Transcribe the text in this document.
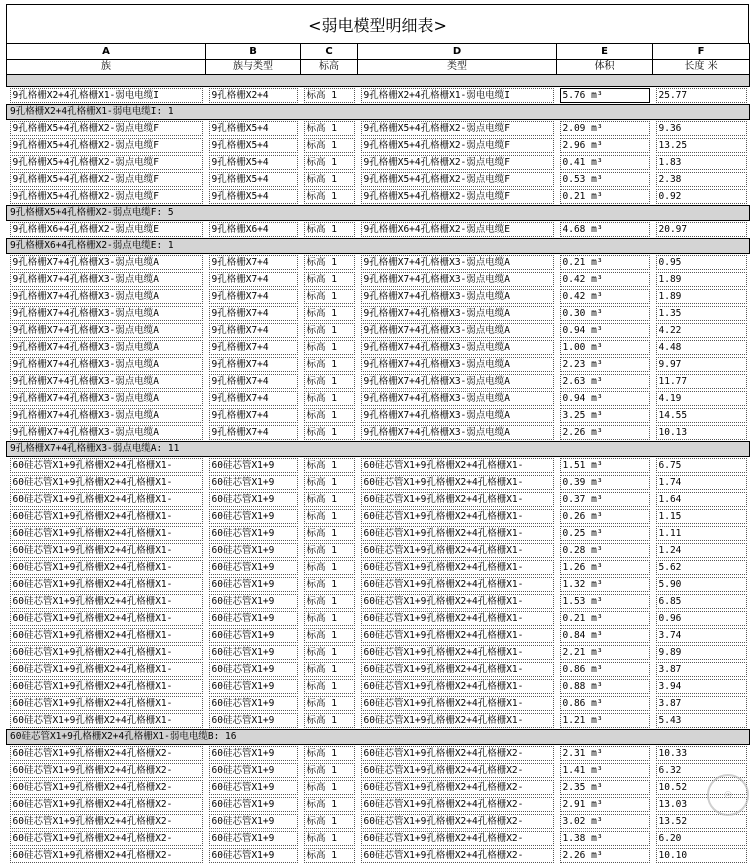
<弱电模型明细表>
A	B	C	D	E	F
族	族与类型	标高	类型	体积	长度 米

9孔格栅X2+4孔格栅X1-弱电电缆I	9孔格栅X2+4	标高 1	9孔格栅X2+4孔格栅X1-弱电电缆I	5.76 m³	25.77

9孔格栅X2+4孔格栅X1-弱电电缆I: 1					

9孔格栅X5+4孔格栅X2-弱点电缆F	9孔格栅X5+4	标高 1	9孔格栅X5+4孔格栅X2-弱点电缆F	2.09 m³	9.36

9孔格栅X5+4孔格栅X2-弱点电缆F	9孔格栅X5+4	标高 1	9孔格栅X5+4孔格栅X2-弱点电缆F	2.96 m³	13.25

9孔格栅X5+4孔格栅X2-弱点电缆F	9孔格栅X5+4	标高 1	9孔格栅X5+4孔格栅X2-弱点电缆F	0.41 m³	1.83

9孔格栅X5+4孔格栅X2-弱点电缆F	9孔格栅X5+4	标高 1	9孔格栅X5+4孔格栅X2-弱点电缆F	0.53 m³	2.38

9孔格栅X5+4孔格栅X2-弱点电缆F	9孔格栅X5+4	标高 1	9孔格栅X5+4孔格栅X2-弱点电缆F	0.21 m³	0.92

9孔格栅X5+4孔格栅X2-弱点电缆F: 5					

9孔格栅X6+4孔格栅X2-弱点电缆E	9孔格栅X6+4	标高 1	9孔格栅X6+4孔格栅X2-弱点电缆E	4.68 m³	20.97

9孔格栅X6+4孔格栅X2-弱点电缆E: 1					

9孔格栅X7+4孔格栅X3-弱点电缆A	9孔格栅X7+4	标高 1	9孔格栅X7+4孔格栅X3-弱点电缆A	0.21 m³	0.95

9孔格栅X7+4孔格栅X3-弱点电缆A	9孔格栅X7+4	标高 1	9孔格栅X7+4孔格栅X3-弱点电缆A	0.42 m³	1.89

9孔格栅X7+4孔格栅X3-弱点电缆A	9孔格栅X7+4	标高 1	9孔格栅X7+4孔格栅X3-弱点电缆A	0.42 m³	1.89

9孔格栅X7+4孔格栅X3-弱点电缆A	9孔格栅X7+4	标高 1	9孔格栅X7+4孔格栅X3-弱点电缆A	0.30 m³	1.35

9孔格栅X7+4孔格栅X3-弱点电缆A	9孔格栅X7+4	标高 1	9孔格栅X7+4孔格栅X3-弱点电缆A	0.94 m³	4.22

9孔格栅X7+4孔格栅X3-弱点电缆A	9孔格栅X7+4	标高 1	9孔格栅X7+4孔格栅X3-弱点电缆A	1.00 m³	4.48

9孔格栅X7+4孔格栅X3-弱点电缆A	9孔格栅X7+4	标高 1	9孔格栅X7+4孔格栅X3-弱点电缆A	2.23 m³	9.97

9孔格栅X7+4孔格栅X3-弱点电缆A	9孔格栅X7+4	标高 1	9孔格栅X7+4孔格栅X3-弱点电缆A	2.63 m³	11.77

9孔格栅X7+4孔格栅X3-弱点电缆A	9孔格栅X7+4	标高 1	9孔格栅X7+4孔格栅X3-弱点电缆A	0.94 m³	4.19

9孔格栅X7+4孔格栅X3-弱点电缆A	9孔格栅X7+4	标高 1	9孔格栅X7+4孔格栅X3-弱点电缆A	3.25 m³	14.55

9孔格栅X7+4孔格栅X3-弱点电缆A	9孔格栅X7+4	标高 1	9孔格栅X7+4孔格栅X3-弱点电缆A	2.26 m³	10.13

9孔格栅X7+4孔格栅X3-弱点电缆A: 11					

60硅芯管X1+9孔格栅X2+4孔格栅X1-	60硅芯管X1+9	标高 1	60硅芯管X1+9孔格栅X2+4孔格栅X1-	1.51 m³	6.75

60硅芯管X1+9孔格栅X2+4孔格栅X1-	60硅芯管X1+9	标高 1	60硅芯管X1+9孔格栅X2+4孔格栅X1-	0.39 m³	1.74

60硅芯管X1+9孔格栅X2+4孔格栅X1-	60硅芯管X1+9	标高 1	60硅芯管X1+9孔格栅X2+4孔格栅X1-	0.37 m³	1.64

60硅芯管X1+9孔格栅X2+4孔格栅X1-	60硅芯管X1+9	标高 1	60硅芯管X1+9孔格栅X2+4孔格栅X1-	0.26 m³	1.15

60硅芯管X1+9孔格栅X2+4孔格栅X1-	60硅芯管X1+9	标高 1	60硅芯管X1+9孔格栅X2+4孔格栅X1-	0.25 m³	1.11

60硅芯管X1+9孔格栅X2+4孔格栅X1-	60硅芯管X1+9	标高 1	60硅芯管X1+9孔格栅X2+4孔格栅X1-	0.28 m³	1.24

60硅芯管X1+9孔格栅X2+4孔格栅X1-	60硅芯管X1+9	标高 1	60硅芯管X1+9孔格栅X2+4孔格栅X1-	1.26 m³	5.62

60硅芯管X1+9孔格栅X2+4孔格栅X1-	60硅芯管X1+9	标高 1	60硅芯管X1+9孔格栅X2+4孔格栅X1-	1.32 m³	5.90

60硅芯管X1+9孔格栅X2+4孔格栅X1-	60硅芯管X1+9	标高 1	60硅芯管X1+9孔格栅X2+4孔格栅X1-	1.53 m³	6.85

60硅芯管X1+9孔格栅X2+4孔格栅X1-	60硅芯管X1+9	标高 1	60硅芯管X1+9孔格栅X2+4孔格栅X1-	0.21 m³	0.96

60硅芯管X1+9孔格栅X2+4孔格栅X1-	60硅芯管X1+9	标高 1	60硅芯管X1+9孔格栅X2+4孔格栅X1-	0.84 m³	3.74

60硅芯管X1+9孔格栅X2+4孔格栅X1-	60硅芯管X1+9	标高 1	60硅芯管X1+9孔格栅X2+4孔格栅X1-	2.21 m³	9.89

60硅芯管X1+9孔格栅X2+4孔格栅X1-	60硅芯管X1+9	标高 1	60硅芯管X1+9孔格栅X2+4孔格栅X1-	0.86 m³	3.87

60硅芯管X1+9孔格栅X2+4孔格栅X1-	60硅芯管X1+9	标高 1	60硅芯管X1+9孔格栅X2+4孔格栅X1-	0.88 m³	3.94

60硅芯管X1+9孔格栅X2+4孔格栅X1-	60硅芯管X1+9	标高 1	60硅芯管X1+9孔格栅X2+4孔格栅X1-	0.86 m³	3.87

60硅芯管X1+9孔格栅X2+4孔格栅X1-	60硅芯管X1+9	标高 1	60硅芯管X1+9孔格栅X2+4孔格栅X1-	1.21 m³	5.43

60硅芯管X1+9孔格栅X2+4孔格栅X1-弱电电缆B: 16					

60硅芯管X1+9孔格栅X2+4孔格栅X2-	60硅芯管X1+9	标高 1	60硅芯管X1+9孔格栅X2+4孔格栅X2-	2.31 m³	10.33

60硅芯管X1+9孔格栅X2+4孔格栅X2-	60硅芯管X1+9	标高 1	60硅芯管X1+9孔格栅X2+4孔格栅X2-	1.41 m³	6.32

60硅芯管X1+9孔格栅X2+4孔格栅X2-	60硅芯管X1+9	标高 1	60硅芯管X1+9孔格栅X2+4孔格栅X2-	2.35 m³	10.52

60硅芯管X1+9孔格栅X2+4孔格栅X2-	60硅芯管X1+9	标高 1	60硅芯管X1+9孔格栅X2+4孔格栅X2-	2.91 m³	13.03

60硅芯管X1+9孔格栅X2+4孔格栅X2-	60硅芯管X1+9	标高 1	60硅芯管X1+9孔格栅X2+4孔格栅X2-	3.02 m³	13.52

60硅芯管X1+9孔格栅X2+4孔格栅X2-	60硅芯管X1+9	标高 1	60硅芯管X1+9孔格栅X2+4孔格栅X2-	1.38 m³	6.20

60硅芯管X1+9孔格栅X2+4孔格栅X2-	60硅芯管X1+9	标高 1	60硅芯管X1+9孔格栅X2+4孔格栅X2-	2.26 m³	10.10
◎
